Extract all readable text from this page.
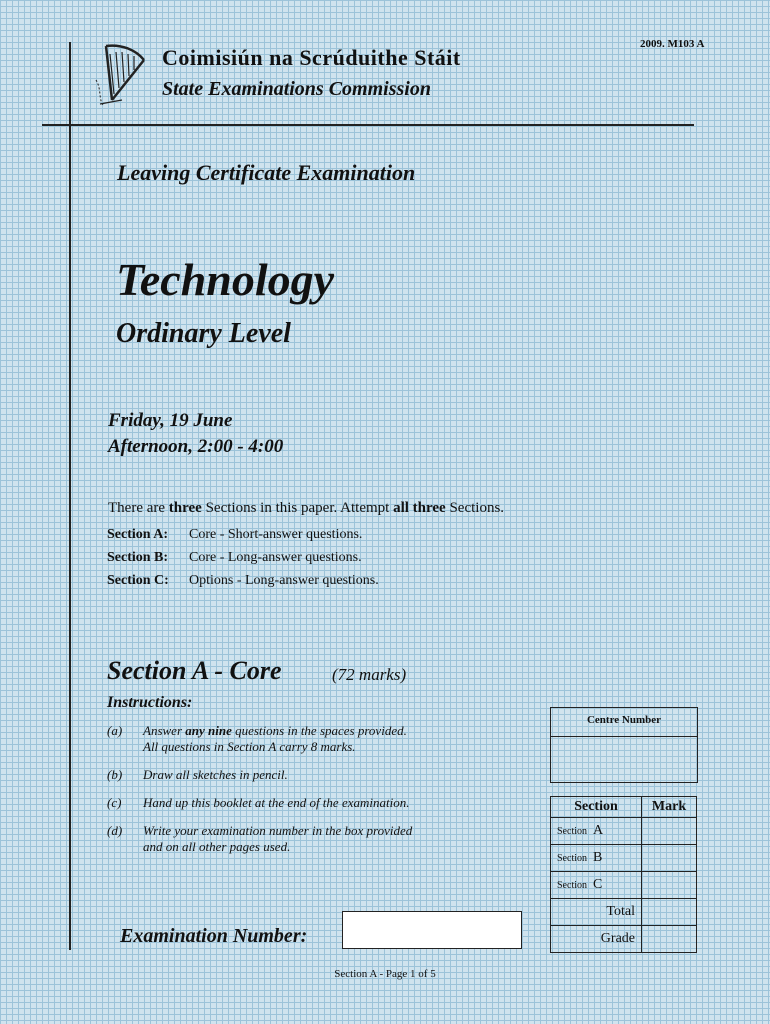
2009. M103 A
Coimisiún na Scrúduithe Stáit
State Examinations Commission
Leaving Certificate Examination
Technology
Ordinary Level
Friday, 19 June
Afternoon, 2:00 - 4:00
There are three Sections in this paper. Attempt all three Sections.
Section A: Core - Short-answer questions.
Section B: Core - Long-answer questions.
Section C: Options - Long-answer questions.
Section A - Core	(72 marks)
Instructions:
(a) Answer any nine questions in the spaces provided.
All questions in Section A carry 8 marks.
(b) Draw all sketches in pencil.
(c) Hand up this booklet at the end of the examination.
(d) Write your examination number in the box provided
and on all other pages used.
Centre Number
Section	Mark
Section A	
Section B	
Section C	
Total	
Grade	
Examination Number:
Section A - Page 1 of 5
